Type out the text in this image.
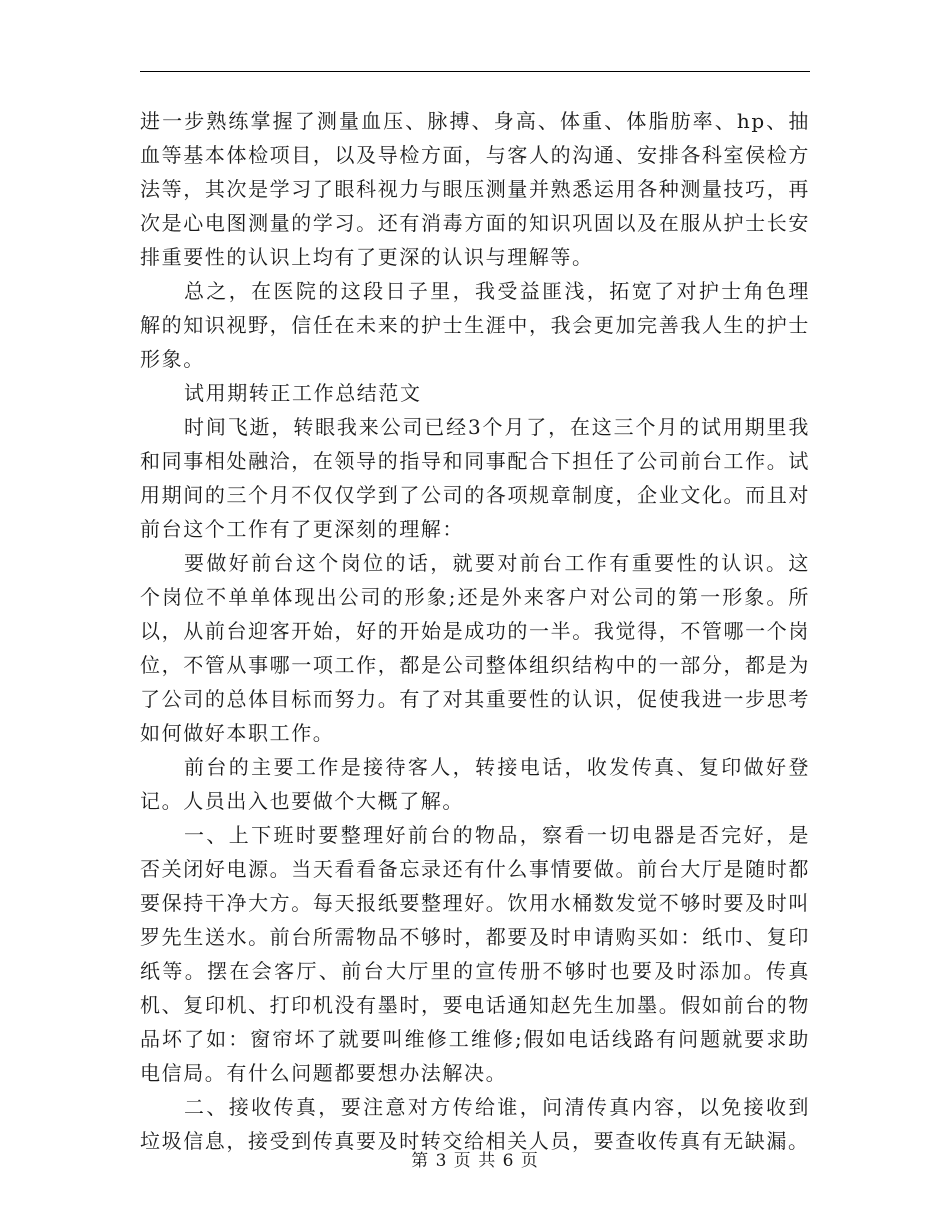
进一步熟练掌握了测量血压、脉搏、身高、体重、体脂肪率、hp、抽血等基本体检项目，以及导检方面，与客人的沟通、安排各科室侯检方法等，其次是学习了眼科视力与眼压测量并熟悉运用各种测量技巧，再次是心电图测量的学习。还有消毒方面的知识巩固以及在服从护士长安排重要性的认识上均有了更深的认识与理解等。

总之，在医院的这段日子里，我受益匪浅，拓宽了对护士角色理解的知识视野，信任在未来的护士生涯中，我会更加完善我人生的护士形象。

试用期转正工作总结范文

时间飞逝，转眼我来公司已经3个月了，在这三个月的试用期里我和同事相处融洽，在领导的指导和同事配合下担任了公司前台工作。试用期间的三个月不仅仅学到了公司的各项规章制度，企业文化。而且对前台这个工作有了更深刻的理解：

要做好前台这个岗位的话，就要对前台工作有重要性的认识。这个岗位不单单体现出公司的形象;还是外来客户对公司的第一形象。所以，从前台迎客开始，好的开始是成功的一半。我觉得，不管哪一个岗位，不管从事哪一项工作，都是公司整体组织结构中的一部分，都是为了公司的总体目标而努力。有了对其重要性的认识，促使我进一步思考如何做好本职工作。

前台的主要工作是接待客人，转接电话，收发传真、复印做好登记。人员出入也要做个大概了解。

一、上下班时要整理好前台的物品，察看一切电器是否完好，是否关闭好电源。当天看看备忘录还有什么事情要做。前台大厅是随时都要保持干净大方。每天报纸要整理好。饮用水桶数发觉不够时要及时叫罗先生送水。前台所需物品不够时，都要及时申请购买如：纸巾、复印纸等。摆在会客厅、前台大厅里的宣传册不够时也要及时添加。传真机、复印机、打印机没有墨时，要电话通知赵先生加墨。假如前台的物品坏了如：窗帘坏了就要叫维修工维修;假如电话线路有问题就要求助电信局。有什么问题都要想办法解决。

二、接收传真，要注意对方传给谁，问清传真内容，以免接收到垃圾信息，接受到传真要及时转交给相关人员，要查收传真有无缺漏。

第 3 页 共 6 页
